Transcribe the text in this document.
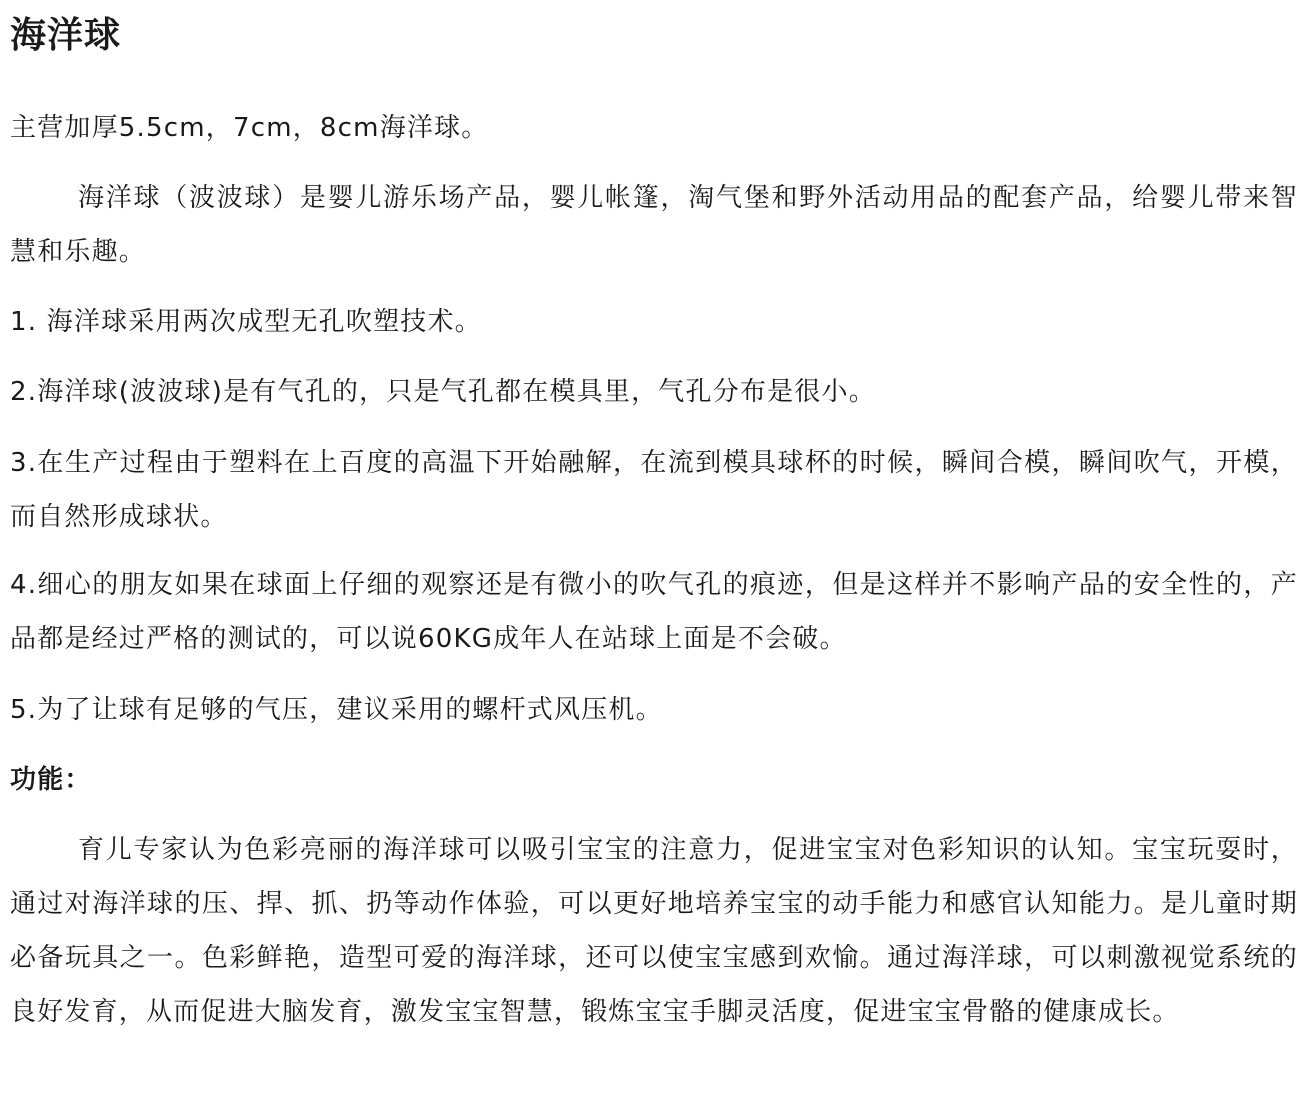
海洋球

主营加厚5.5cm，7cm，8cm海洋球。

海洋球（波波球）是婴儿游乐场产品，婴儿帐篷，淘气堡和野外活动用品的配套产品，给婴儿带来智慧和乐趣。

1. 海洋球采用两次成型无孔吹塑技术。

2.海洋球(波波球)是有气孔的，只是气孔都在模具里，气孔分布是很小。

3.在生产过程由于塑料在上百度的高温下开始融解，在流到模具球杯的时候，瞬间合模，瞬间吹气，开模，而自然形成球状。

4.细心的朋友如果在球面上仔细的观察还是有微小的吹气孔的痕迹，但是这样并不影响产品的安全性的，产品都是经过严格的测试的，可以说60KG成年人在站球上面是不会破。

5.为了让球有足够的气压，建议采用的螺杆式风压机。

功能：

育儿专家认为色彩亮丽的海洋球可以吸引宝宝的注意力，促进宝宝对色彩知识的认知。宝宝玩耍时，通过对海洋球的压、捍、抓、扔等动作体验，可以更好地培养宝宝的动手能力和感官认知能力。是儿童时期必备玩具之一。色彩鲜艳，造型可爱的海洋球，还可以使宝宝感到欢愉。通过海洋球，可以刺激视觉系统的良好发育，从而促进大脑发育，激发宝宝智慧，锻炼宝宝手脚灵活度，促进宝宝骨骼的健康成长。
